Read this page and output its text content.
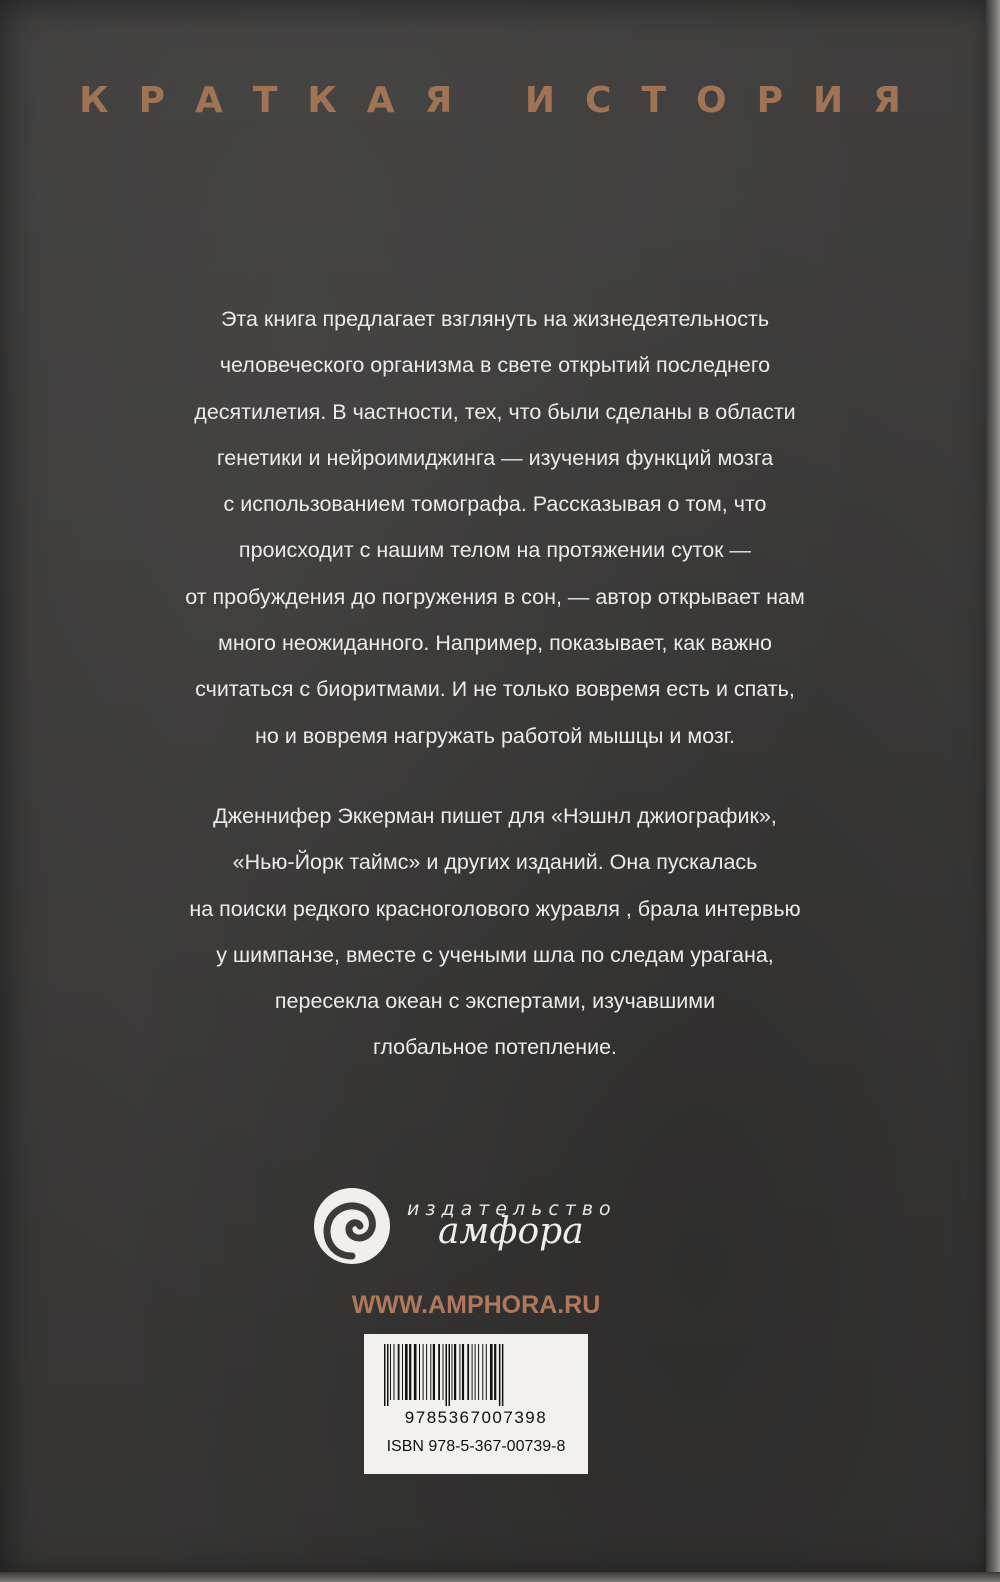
КРАТКАЯ ИСТОРИЯ
Эта книга предлагает взглянуть на жизнедеятельность
человеческого организма в свете открытий последнего
десятилетия. В частности, тех, что были сделаны в области
генетики и нейроимиджинга — изучения функций мозга
с использованием томографа. Рассказывая о том, что
происходит с нашим телом на протяжении суток —
от пробуждения до погружения в сон, — автор открывает нам
много неожиданного. Например, показывает, как важно
считаться с биоритмами. И не только вовремя есть и спать,
но и вовремя нагружать работой мышцы и мозг.
Дженнифер Эккерман пишет для «Нэшнл джиографик»,
«Нью-Йорк таймс» и других изданий. Она пускалась
на поиски редкого красноголового журавля , брала интервью
у шимпанзе, вместе с учеными шла по следам урагана,
пересекла океан с экспертами, изучавшими
глобальное потепление.
издательство
амфора
WWW.AMPHORA.RU
9785367007398
ISBN 978-5-367-00739-8
